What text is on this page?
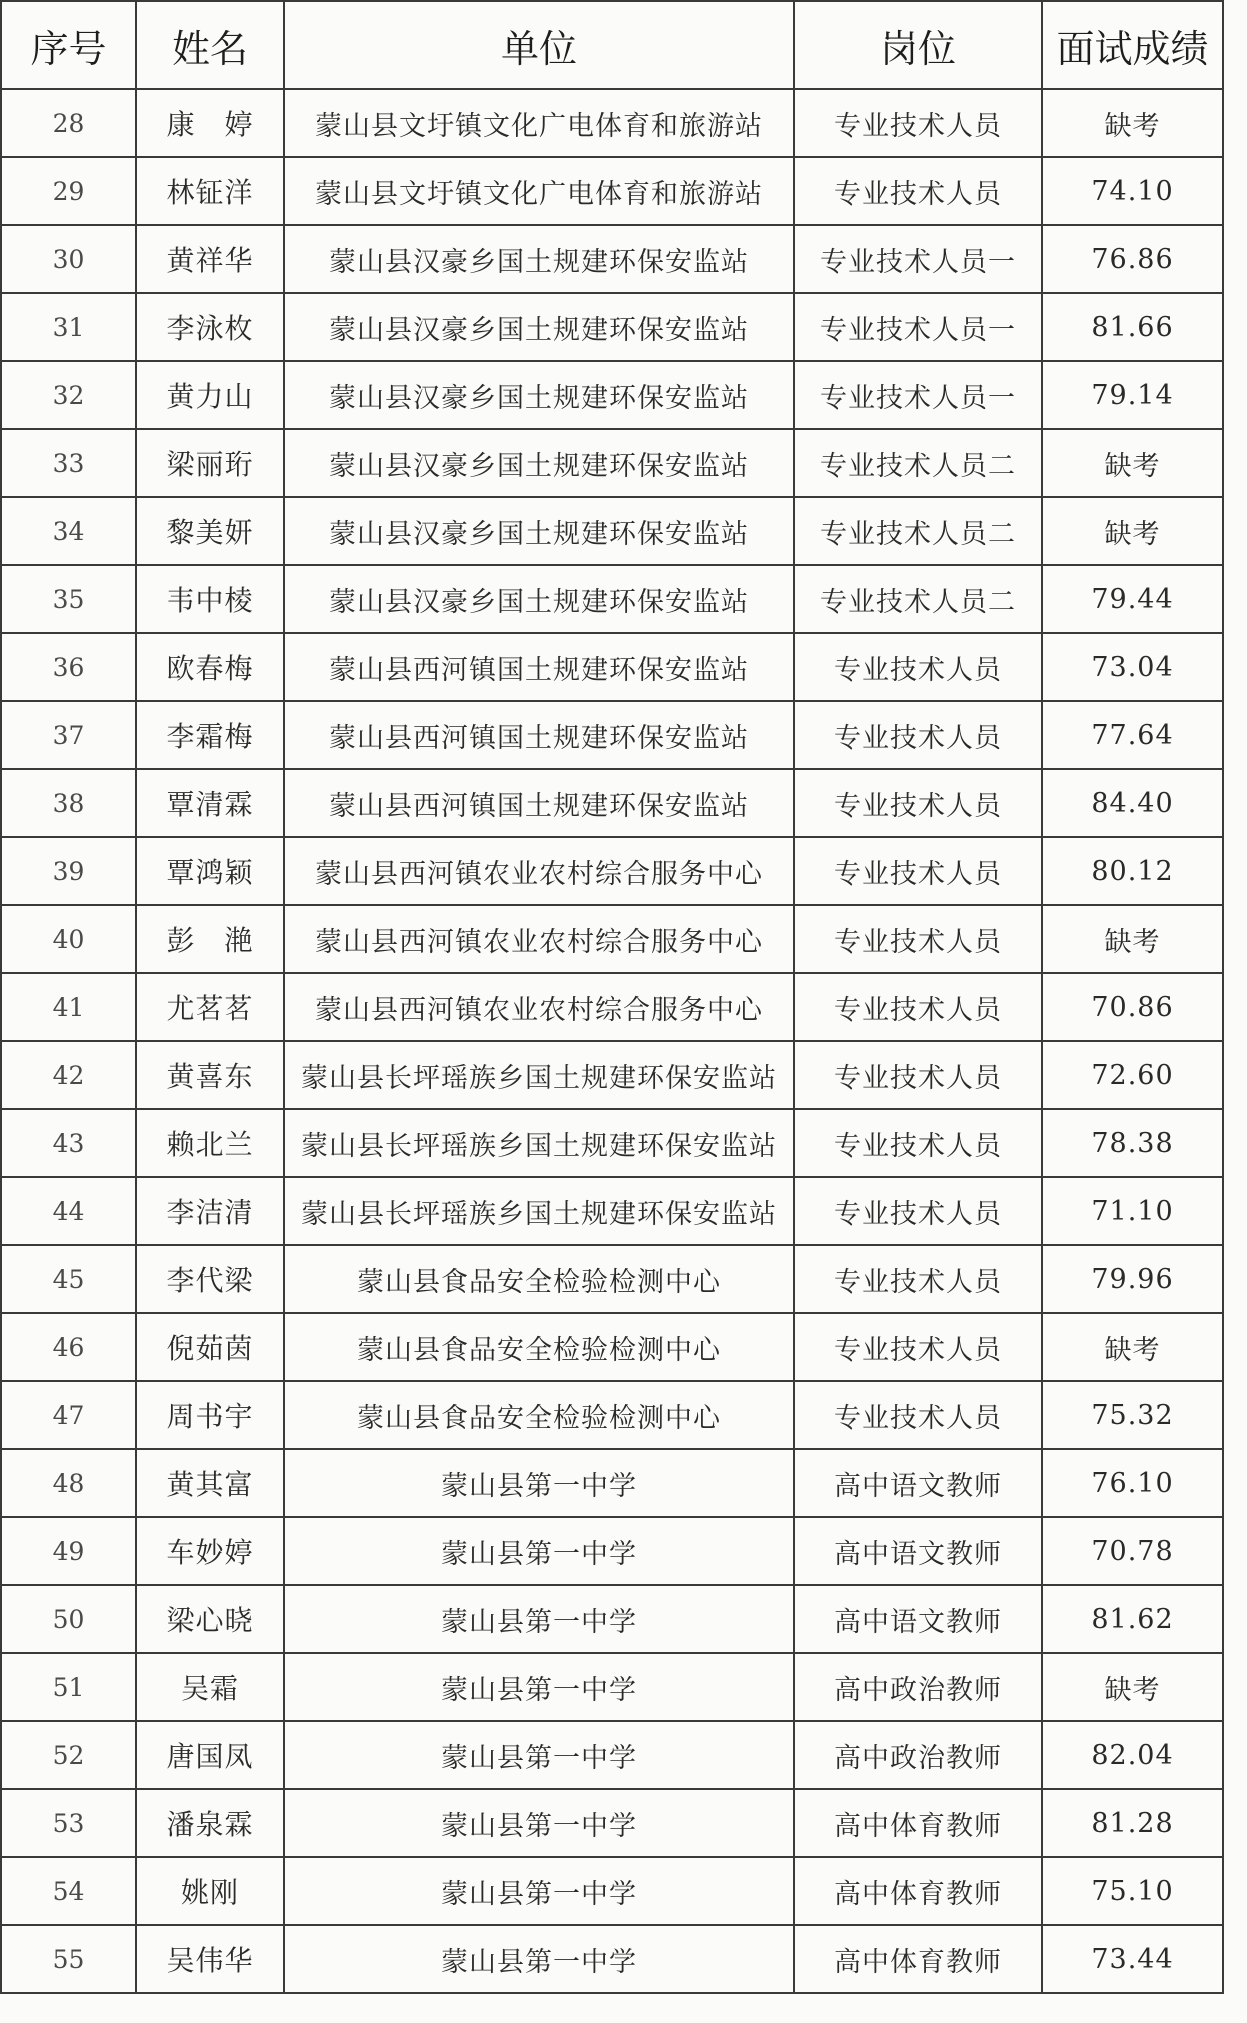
序号	姓名	单位	岗位	面试成绩
28	康　婷	蒙山县文圩镇文化广电体育和旅游站	专业技术人员	缺考
29	林钲洋	蒙山县文圩镇文化广电体育和旅游站	专业技术人员	74.10
30	黄祥华	蒙山县汉豪乡国土规建环保安监站	专业技术人员一	76.86
31	李泳枚	蒙山县汉豪乡国土规建环保安监站	专业技术人员一	81.66
32	黄力山	蒙山县汉豪乡国土规建环保安监站	专业技术人员一	79.14
33	梁丽珩	蒙山县汉豪乡国土规建环保安监站	专业技术人员二	缺考
34	黎美妍	蒙山县汉豪乡国土规建环保安监站	专业技术人员二	缺考
35	韦中棱	蒙山县汉豪乡国土规建环保安监站	专业技术人员二	79.44
36	欧春梅	蒙山县西河镇国土规建环保安监站	专业技术人员	73.04
37	李霜梅	蒙山县西河镇国土规建环保安监站	专业技术人员	77.64
38	覃清霖	蒙山县西河镇国土规建环保安监站	专业技术人员	84.40
39	覃鸿颖	蒙山县西河镇农业农村综合服务中心	专业技术人员	80.12
40	彭　滟	蒙山县西河镇农业农村综合服务中心	专业技术人员	缺考
41	尤茗茗	蒙山县西河镇农业农村综合服务中心	专业技术人员	70.86
42	黄喜东	蒙山县长坪瑶族乡国土规建环保安监站	专业技术人员	72.60
43	赖北兰	蒙山县长坪瑶族乡国土规建环保安监站	专业技术人员	78.38
44	李洁清	蒙山县长坪瑶族乡国土规建环保安监站	专业技术人员	71.10
45	李代梁	蒙山县食品安全检验检测中心	专业技术人员	79.96
46	倪茹茵	蒙山县食品安全检验检测中心	专业技术人员	缺考
47	周书宇	蒙山县食品安全检验检测中心	专业技术人员	75.32
48	黄其富	蒙山县第一中学	高中语文教师	76.10
49	车妙婷	蒙山县第一中学	高中语文教师	70.78
50	梁心晓	蒙山县第一中学	高中语文教师	81.62
51	吴霜	蒙山县第一中学	高中政治教师	缺考
52	唐国凤	蒙山县第一中学	高中政治教师	82.04
53	潘泉霖	蒙山县第一中学	高中体育教师	81.28
54	姚刚	蒙山县第一中学	高中体育教师	75.10
55	吴伟华	蒙山县第一中学	高中体育教师	73.44
